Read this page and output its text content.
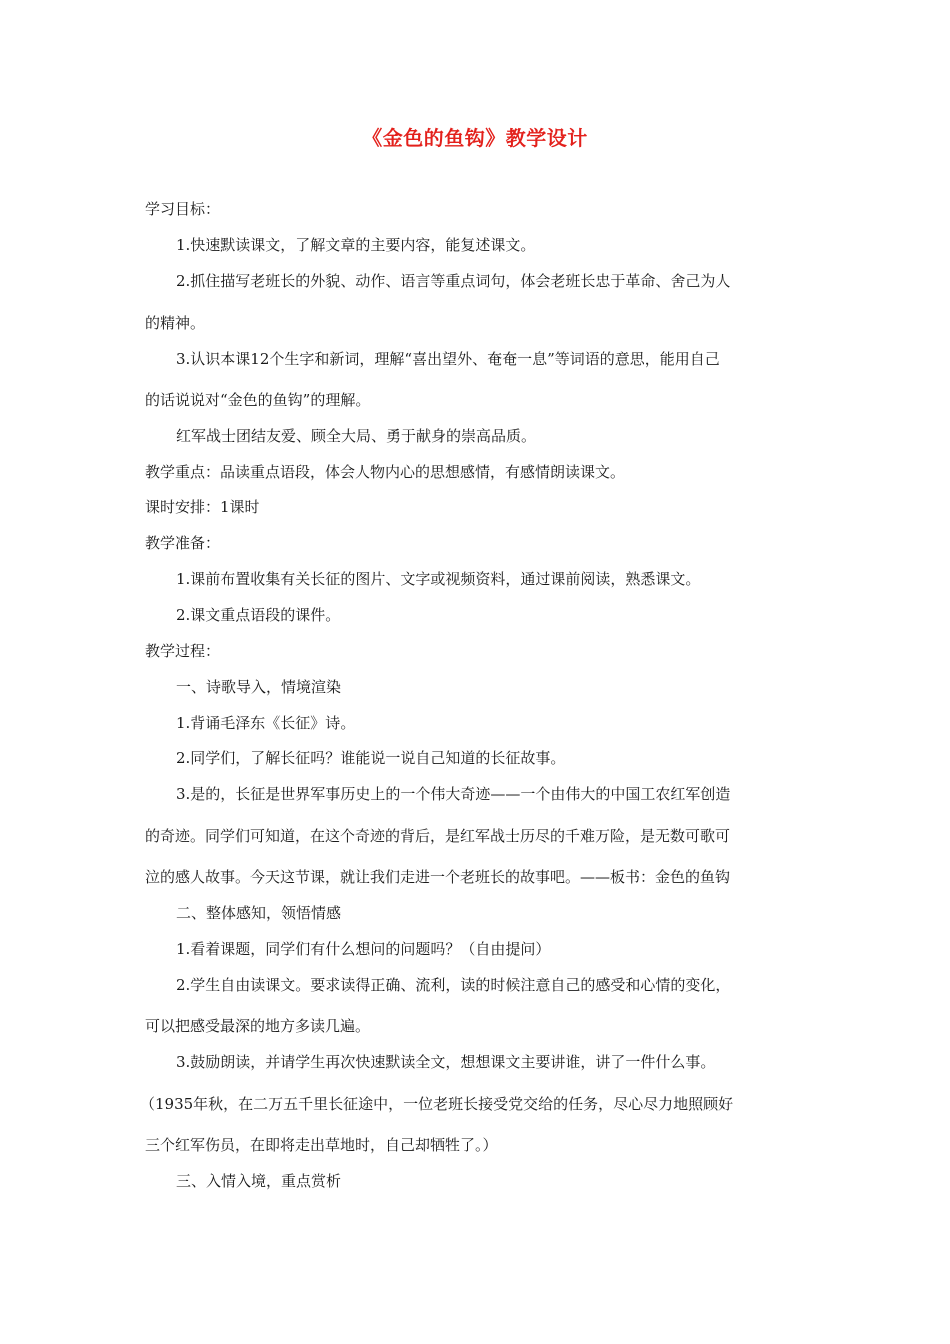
《金色的鱼钩》教学设计
学习目标：
1.快速默读课文，了解文章的主要内容，能复述课文。
2.抓住描写老班长的外貌、动作、语言等重点词句，体会老班长忠于革命、舍己为人
的精神。
3.认识本课12个生字和新词，理解“喜出望外、奄奄一息”等词语的意思，能用自己
的话说说对“金色的鱼钩”的理解。
红军战士团结友爱、顾全大局、勇于献身的崇高品质。
教学重点：品读重点语段，体会人物内心的思想感情，有感情朗读课文。
课时安排：1课时
教学准备：
1.课前布置收集有关长征的图片、文字或视频资料，通过课前阅读，熟悉课文。
2.课文重点语段的课件。
教学过程：
一、诗歌导入，情境渲染
1.背诵毛泽东《长征》诗。
2.同学们，了解长征吗？谁能说一说自己知道的长征故事。
3.是的，长征是世界军事历史上的一个伟大奇迹——一个由伟大的中国工农红军创造
的奇迹。同学们可知道，在这个奇迹的背后，是红军战士历尽的千难万险，是无数可歌可
泣的感人故事。今天这节课，就让我们走进一个老班长的故事吧。——板书：金色的鱼钩
二、整体感知，领悟情感
1.看着课题，同学们有什么想问的问题吗？（自由提问）
2.学生自由读课文。要求读得正确、流利，读的时候注意自己的感受和心情的变化，
可以把感受最深的地方多读几遍。
3.鼓励朗读，并请学生再次快速默读全文，想想课文主要讲谁，讲了一件什么事。
（1935年秋，在二万五千里长征途中，一位老班长接受党交给的任务，尽心尽力地照顾好
三个红军伤员，在即将走出草地时，自己却牺牲了。）
三、入情入境，重点赏析
